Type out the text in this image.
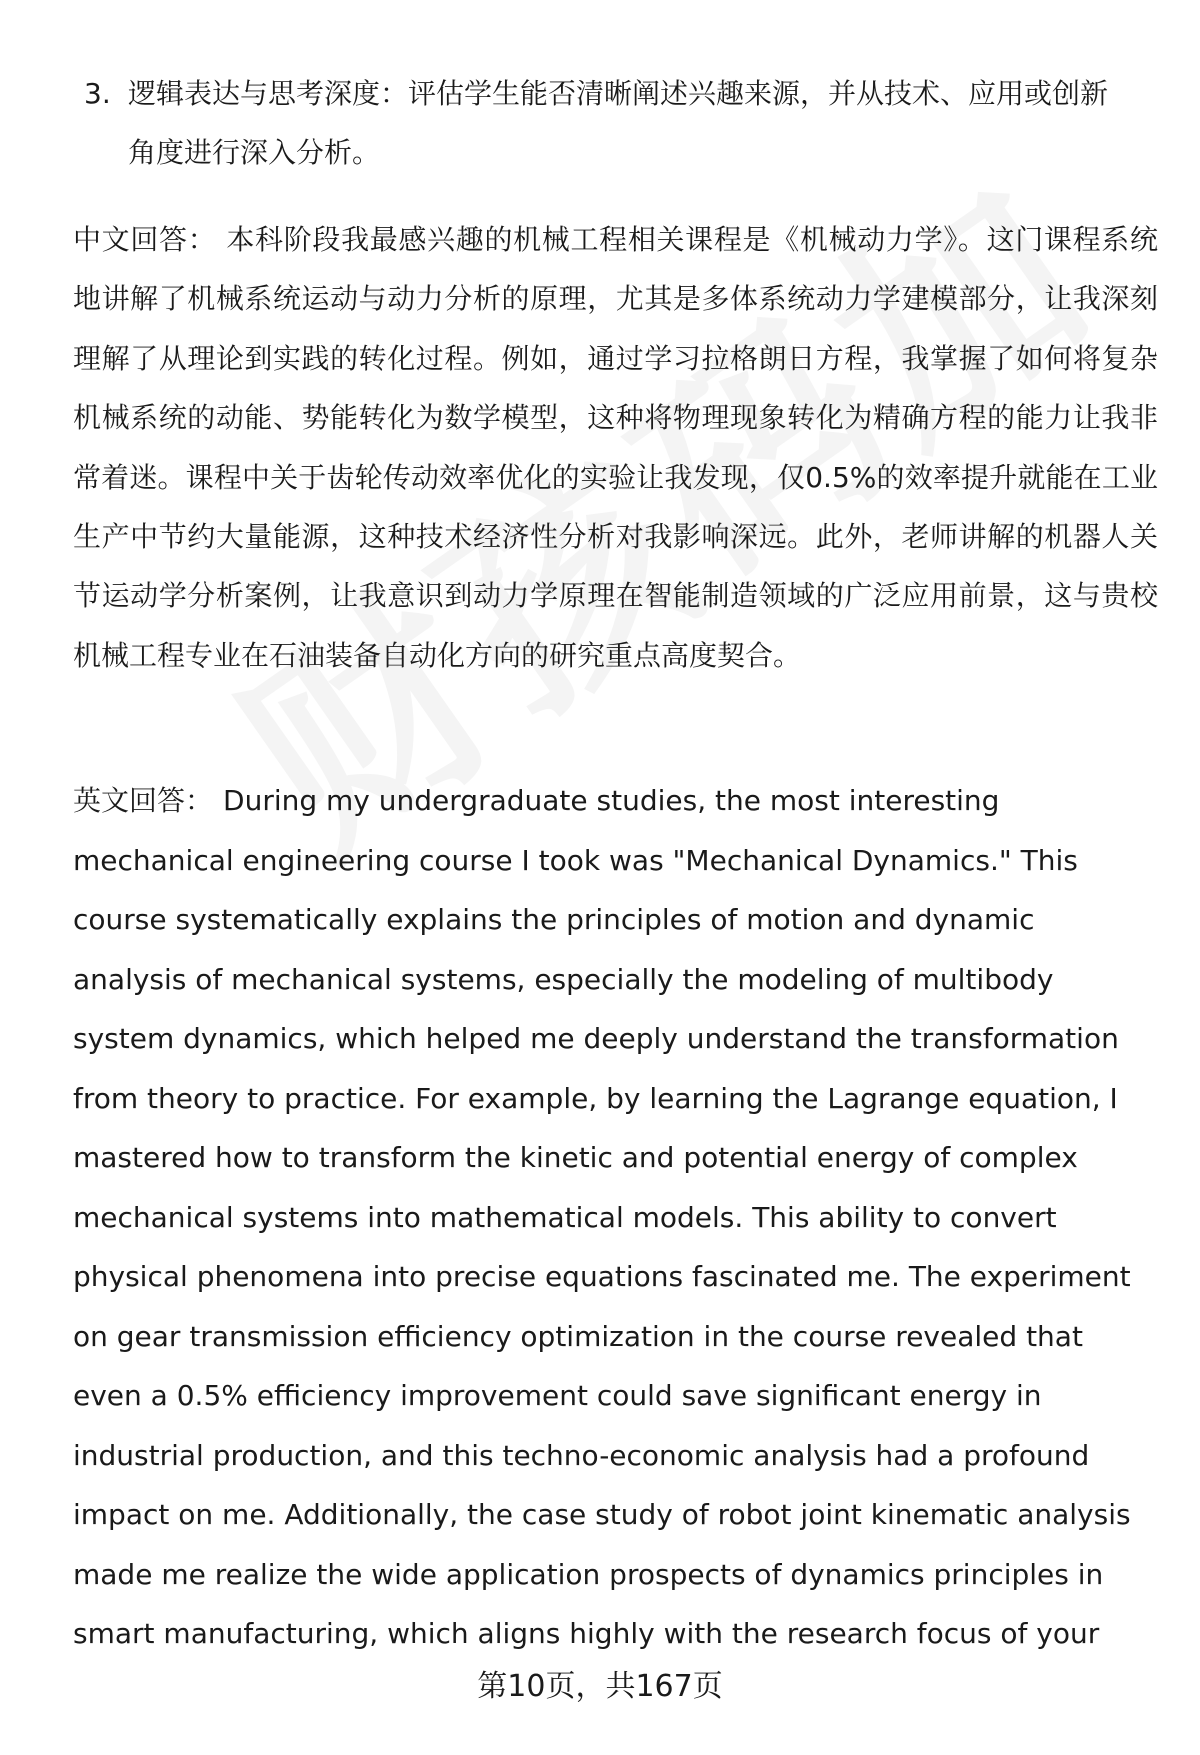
3. 逻辑表达与思考深度：评估学生能否清晰阐述兴趣来源，并从技术、应用或创新角度进行深入分析。
中文回答： 本科阶段我最感兴趣的机械工程相关课程是《机械动力学》。这门课程系统地讲解了机械系统运动与动力分析的原理，尤其是多体系统动力学建模部分，让我深刻理解了从理论到实践的转化过程。例如，通过学习拉格朗日方程，我掌握了如何将复杂机械系统的动能、势能转化为数学模型，这种将物理现象转化为精确方程的能力让我非常着迷。课程中关于齿轮传动效率优化的实验让我发现，仅0.5%的效率提升就能在工业生产中节约大量能源，这种技术经济性分析对我影响深远。此外，老师讲解的机器人关节运动学分析案例，让我意识到动力学原理在智能制造领域的广泛应用前景，这与贵校机械工程专业在石油装备自动化方向的研究重点高度契合。
英文回答： During my undergraduate studies, the most interesting mechanical engineering course I took was "Mechanical Dynamics." This course systematically explains the principles of motion and dynamic analysis of mechanical systems, especially the modeling of multibody system dynamics, which helped me deeply understand the transformation from theory to practice. For example, by learning the Lagrange equation, I mastered how to transform the kinetic and potential energy of complex mechanical systems into mathematical models. This ability to convert physical phenomena into precise equations fascinated me. The experiment on gear transmission efficiency optimization in the course revealed that even a 0.5% efficiency improvement could save significant energy in industrial production, and this techno-economic analysis had a profound impact on me. Additionally, the case study of robot joint kinematic analysis made me realize the wide application prospects of dynamics principles in smart manufacturing, which aligns highly with the research focus of your
第10页，共167页
